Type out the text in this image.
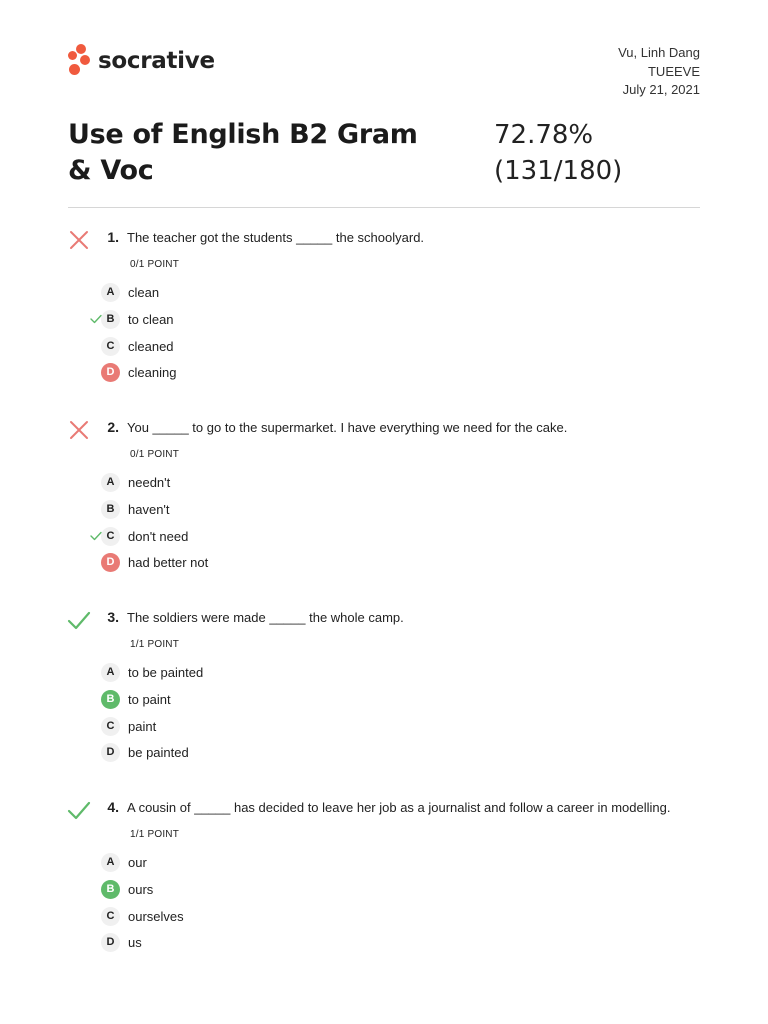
socrative	Vu, Linh Dang
TUEEVE
July 21, 2021
Use of English B2 Gram & Voc
72.78%
(131/180)
1. The teacher got the students _____ the schoolyard.
0/1 POINT
A	clean
B	to clean
C	cleaned
D	cleaning
2. You _____ to go to the supermarket. I have everything we need for the cake.
0/1 POINT
A	needn't
B	haven't
C	don't need
D	had better not
3. The soldiers were made _____ the whole camp.
1/1 POINT
A	to be painted
B	to paint
C	paint
D	be painted
4. A cousin of _____ has decided to leave her job as a journalist and follow a career in modelling.
1/1 POINT
A	our
B	ours
C	ourselves
D	us
